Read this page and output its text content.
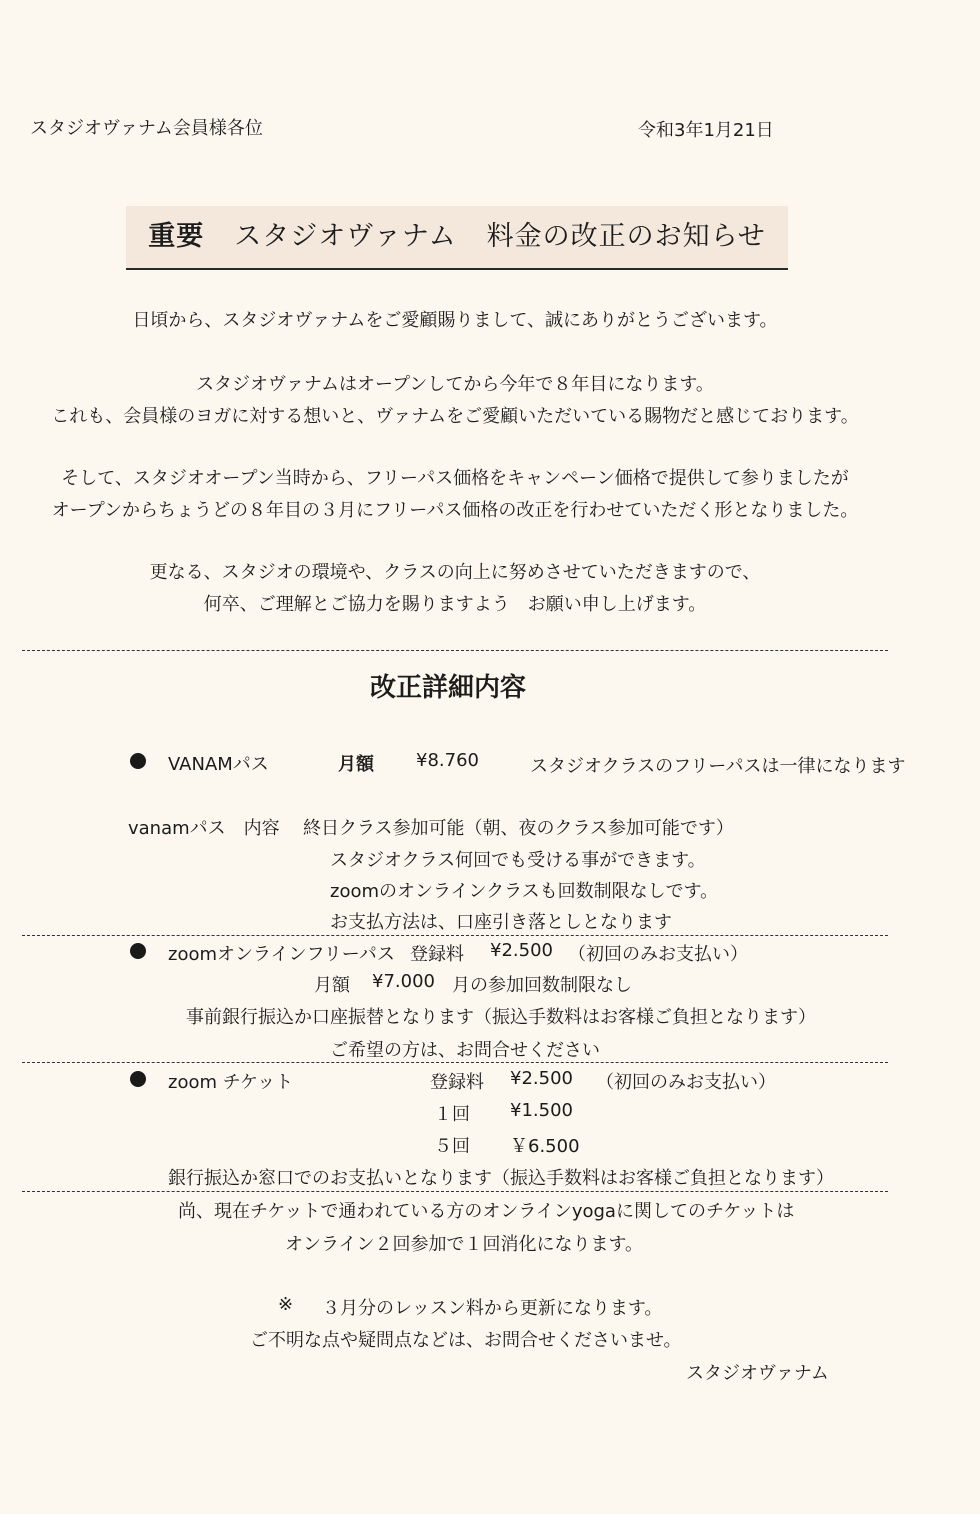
スタジオヴァナム会員様各位	令和3年1月21日
重要 スタジオヴァナム 料金の改正のお知らせ
日頃から、スタジオヴァナムをご愛顧賜りまして、誠にありがとうございます。
スタジオヴァナムはオープンしてから今年で８年目になります。
これも、会員様のヨガに対する想いと、ヴァナムをご愛顧いただいている賜物だと感じております。
そして、スタジオオープン当時から、フリーパス価格をキャンペーン価格で提供して参りましたが
オープンからちょうどの８年目の３月にフリーパス価格の改正を行わせていただく形となりました。
更なる、スタジオの環境や、クラスの向上に努めさせていただきますので、
何卒、ご理解とご協力を賜りますよう　お願い申し上げます。
改正詳細内容
VANAMパス	月額 ¥8.760	スタジオクラスのフリーパスは一律になります
vanamパス　内容 終日クラス参加可能（朝、夜のクラス参加可能です）
スタジオクラス何回でも受ける事ができます。
zoomのオンラインクラスも回数制限なしです。
お支払方法は、口座引き落としとなります
zoomオンラインフリーパス 登録料 ¥2.500 （初回のみお支払い）
月額 ¥7.000 月の参加回数制限なし
事前銀行振込か口座振替となります（振込手数料はお客様ご負担となります）
ご希望の方は、お問合せください
zoom チケット	登録料 ¥2.500 （初回のみお支払い）
１回 ¥1.500
５回 ￥6.500
銀行振込か窓口でのお支払いとなります（振込手数料はお客様ご負担となります）
尚、現在チケットで通われている方のオンラインyogaに関してのチケットは
オンライン２回参加で１回消化になります。
※ ３月分のレッスン料から更新になります。
ご不明な点や疑問点などは、お問合せくださいませ。
スタジオヴァナム
